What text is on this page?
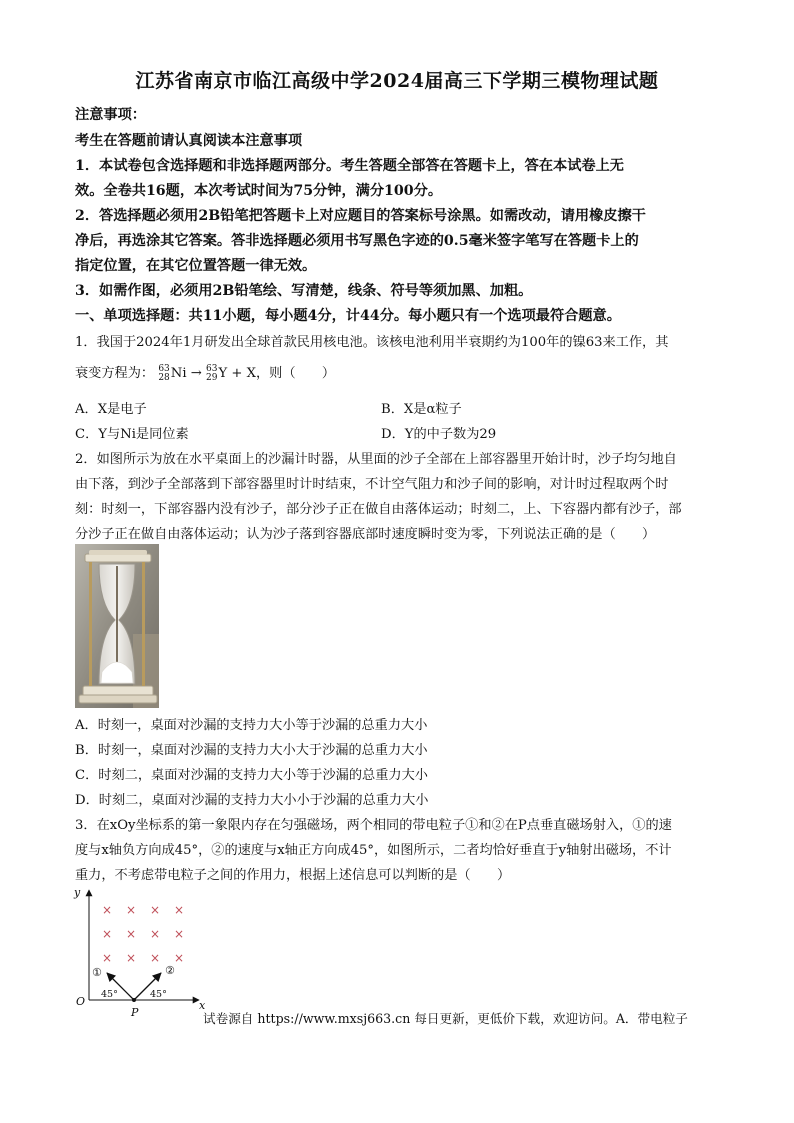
江苏省南京市临江高级中学2024届高三下学期三模物理试题
注意事项：
考生在答题前请认真阅读本注意事项
1．本试卷包含选择题和非选择题两部分。考生答题全部答在答题卡上，答在本试卷上无
效。全卷共16题，本次考试时间为75分钟，满分100分。
2．答选择题必须用2B铅笔把答题卡上对应题目的答案标号涂黑。如需改动，请用橡皮擦干
净后，再选涂其它答案。答非选择题必须用书写黑色字迹的0.5毫米签字笔写在答题卡上的
指定位置，在其它位置答题一律无效。
3．如需作图，必须用2B铅笔绘、写清楚，线条、符号等须加黑、加粗。
一、单项选择题：共11小题，每小题4分，计44分。每小题只有一个选项最符合题意。
1．我国于2024年1月研发出全球首款民用核电池。该核电池利用半衰期约为100年的镍63来工作，其
衰变方程为： 63
28 Ni → 63
29 Y + X，则（　　）
A．X是电子	B．X是α粒子
C．Y与Ni是同位素	D．Y的中子数为29
2．如图所示为放在水平桌面上的沙漏计时器，从里面的沙子全部在上部容器里开始计时，沙子均匀地自
由下落，到沙子全部落到下部容器里时计时结束，不计空气阻力和沙子间的影响，对计时过程取两个时
刻：时刻一，下部容器内没有沙子，部分沙子正在做自由落体运动；时刻二，上、下容器内都有沙子，部
分沙子正在做自由落体运动；认为沙子落到容器底部时速度瞬时变为零，下列说法正确的是（　　）
A．时刻一，桌面对沙漏的支持力大小等于沙漏的总重力大小
B．时刻一，桌面对沙漏的支持力大小大于沙漏的总重力大小
C．时刻二，桌面对沙漏的支持力大小等于沙漏的总重力大小
D．时刻二，桌面对沙漏的支持力大小小于沙漏的总重力大小
3．在xOy坐标系的第一象限内存在匀强磁场，两个相同的带电粒子①和②在P点垂直磁场射入，①的速
度与x轴负方向成45°，②的速度与x轴正方向成45°，如图所示，二者均恰好垂直于y轴射出磁场，不计
重力，不考虑带电粒子之间的作用力，根据上述信息可以判断的是（　　）
× × × ×
× × × ×
× × × ×
y
x
O
P
①	②
45°	45°
试卷源自 https://www.mxsj663.cn 每日更新，更低价下载，欢迎访问。A．带电粒子
